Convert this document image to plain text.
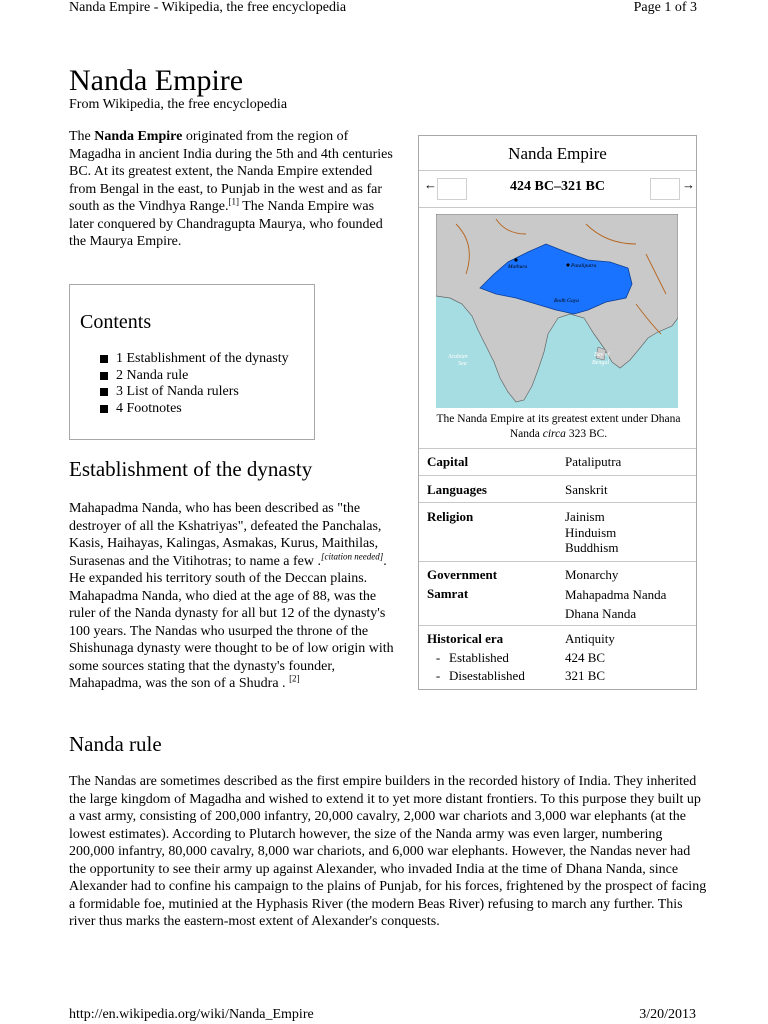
Nanda Empire - Wikipedia, the free encyclopedia	Page 1 of 3
Nanda Empire
From Wikipedia, the free encyclopedia
The Nanda Empire originated from the region of Magadha in ancient India during the 5th and 4th centuries BC. At its greatest extent, the Nanda Empire extended from Bengal in the east, to Punjab in the west and as far south as the Vindhya Range.[1] The Nanda Empire was later conquered by Chandragupta Maurya, who founded the Maurya Empire.
Contents
1 Establishment of the dynasty
2 Nanda rule
3 List of Nanda rulers
4 Footnotes
Establishment of the dynasty
Mahapadma Nanda, who has been described as "the destroyer of all the Kshatriyas", defeated the Panchalas, Kasis, Haihayas, Kalingas, Asmakas, Kurus, Maithilas, Surasenas and the Vitihotras; to name a few .[citation needed]. He expanded his territory south of the Deccan plains. Mahapadma Nanda, who died at the age of 88, was the ruler of the Nanda dynasty for all but 12 of the dynasty's 100 years. The Nandas who usurped the throne of the Shishunaga dynasty were thought to be of low origin with some sources stating that the dynasty's founder, Mahapadma, was the son of a Shudra . [2]
Nanda rule
The Nandas are sometimes described as the first empire builders in the recorded history of India. They inherited the large kingdom of Magadha and wished to extend it to yet more distant frontiers. To this purpose they built up a vast army, consisting of 200,000 infantry, 20,000 cavalry, 2,000 war chariots and 3,000 war elephants (at the lowest estimates). According to Plutarch however, the size of the Nanda army was even larger, numbering 200,000 infantry, 80,000 cavalry, 8,000 war chariots, and 6,000 war elephants. However, the Nandas never had the opportunity to see their army up against Alexander, who invaded India at the time of Dhana Nanda, since Alexander had to confine his campaign to the plains of Punjab, for his forces, frightened by the prospect of facing a formidable foe, mutinied at the Hyphasis River (the modern Beas River) refusing to march any further. This river thus marks the eastern-most extent of Alexander's conquests.
Nanda Empire
←	424 BC–321 BC	→
Mathura	Pataliputra
Bodh Gaya
Arabian
Sea
Bay of
Bengal
The Nanda Empire at its greatest extent under Dhana Nanda circa 323 BC.
Capital	Pataliputra
Languages	Sanskrit
Religion	Jainism
Hinduism
Buddhism
Government	Monarchy
Samrat	Mahapadma Nanda
Dhana Nanda
Historical era	Antiquity
- Established	424 BC
- Disestablished	321 BC
http://en.wikipedia.org/wiki/Nanda_Empire	3/20/2013
